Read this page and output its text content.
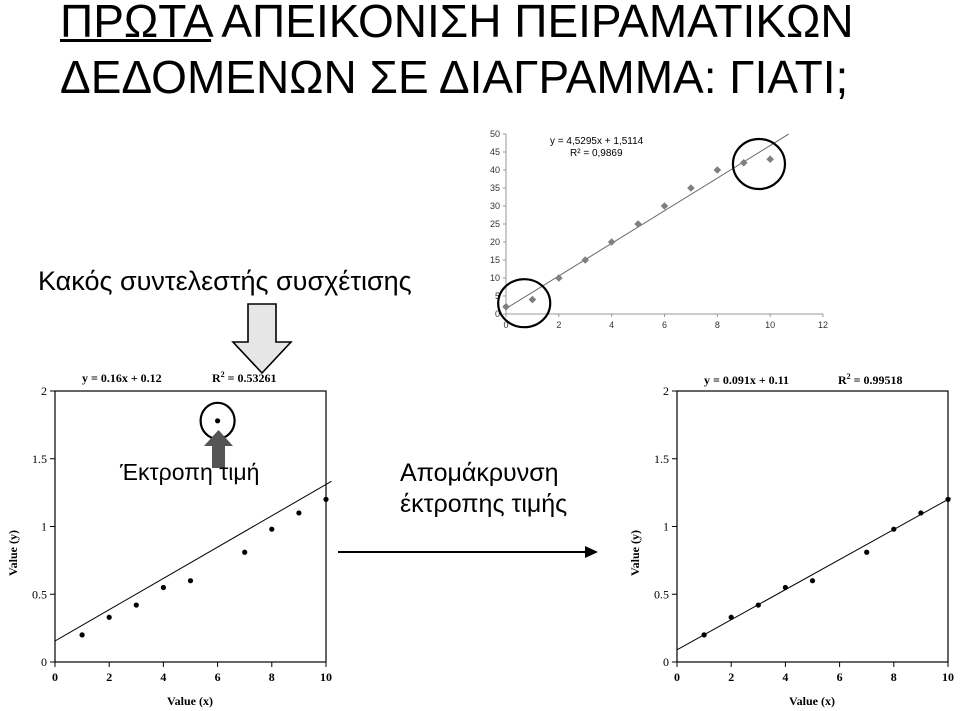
ΠΡΩΤΑ ΑΠΕΙΚΟΝΙΣΗ ΠΕΙΡΑΜΑΤΙΚΩΝ
ΔΕΔΟΜΕΝΩΝ ΣΕ ΔΙΑΓΡΑΜΜΑ: ΓΙΑΤΙ;
0
5
10
15
20
25
30
35
40
45
50
0	2	4	6	8	10	12
y = 4,5295x + 1,5114
R² = 0,9869
0
0.5
1
1.5
2
0	2	4	6	8	10
y = 0.16x + 0.12	$R^2 = 0.53261$
Value (x)
Value (y)
0
0.5
1
1.5
2
0	2	4	6	8	10
y = 0.091x + 0.11	$R^2 = 0.99518$
Value (x)
Value (y)
Κακός συντελεστής συσχέτισης
Έκτροπη τιμή	Απομάκρυνση
έκτροπης τιμής
